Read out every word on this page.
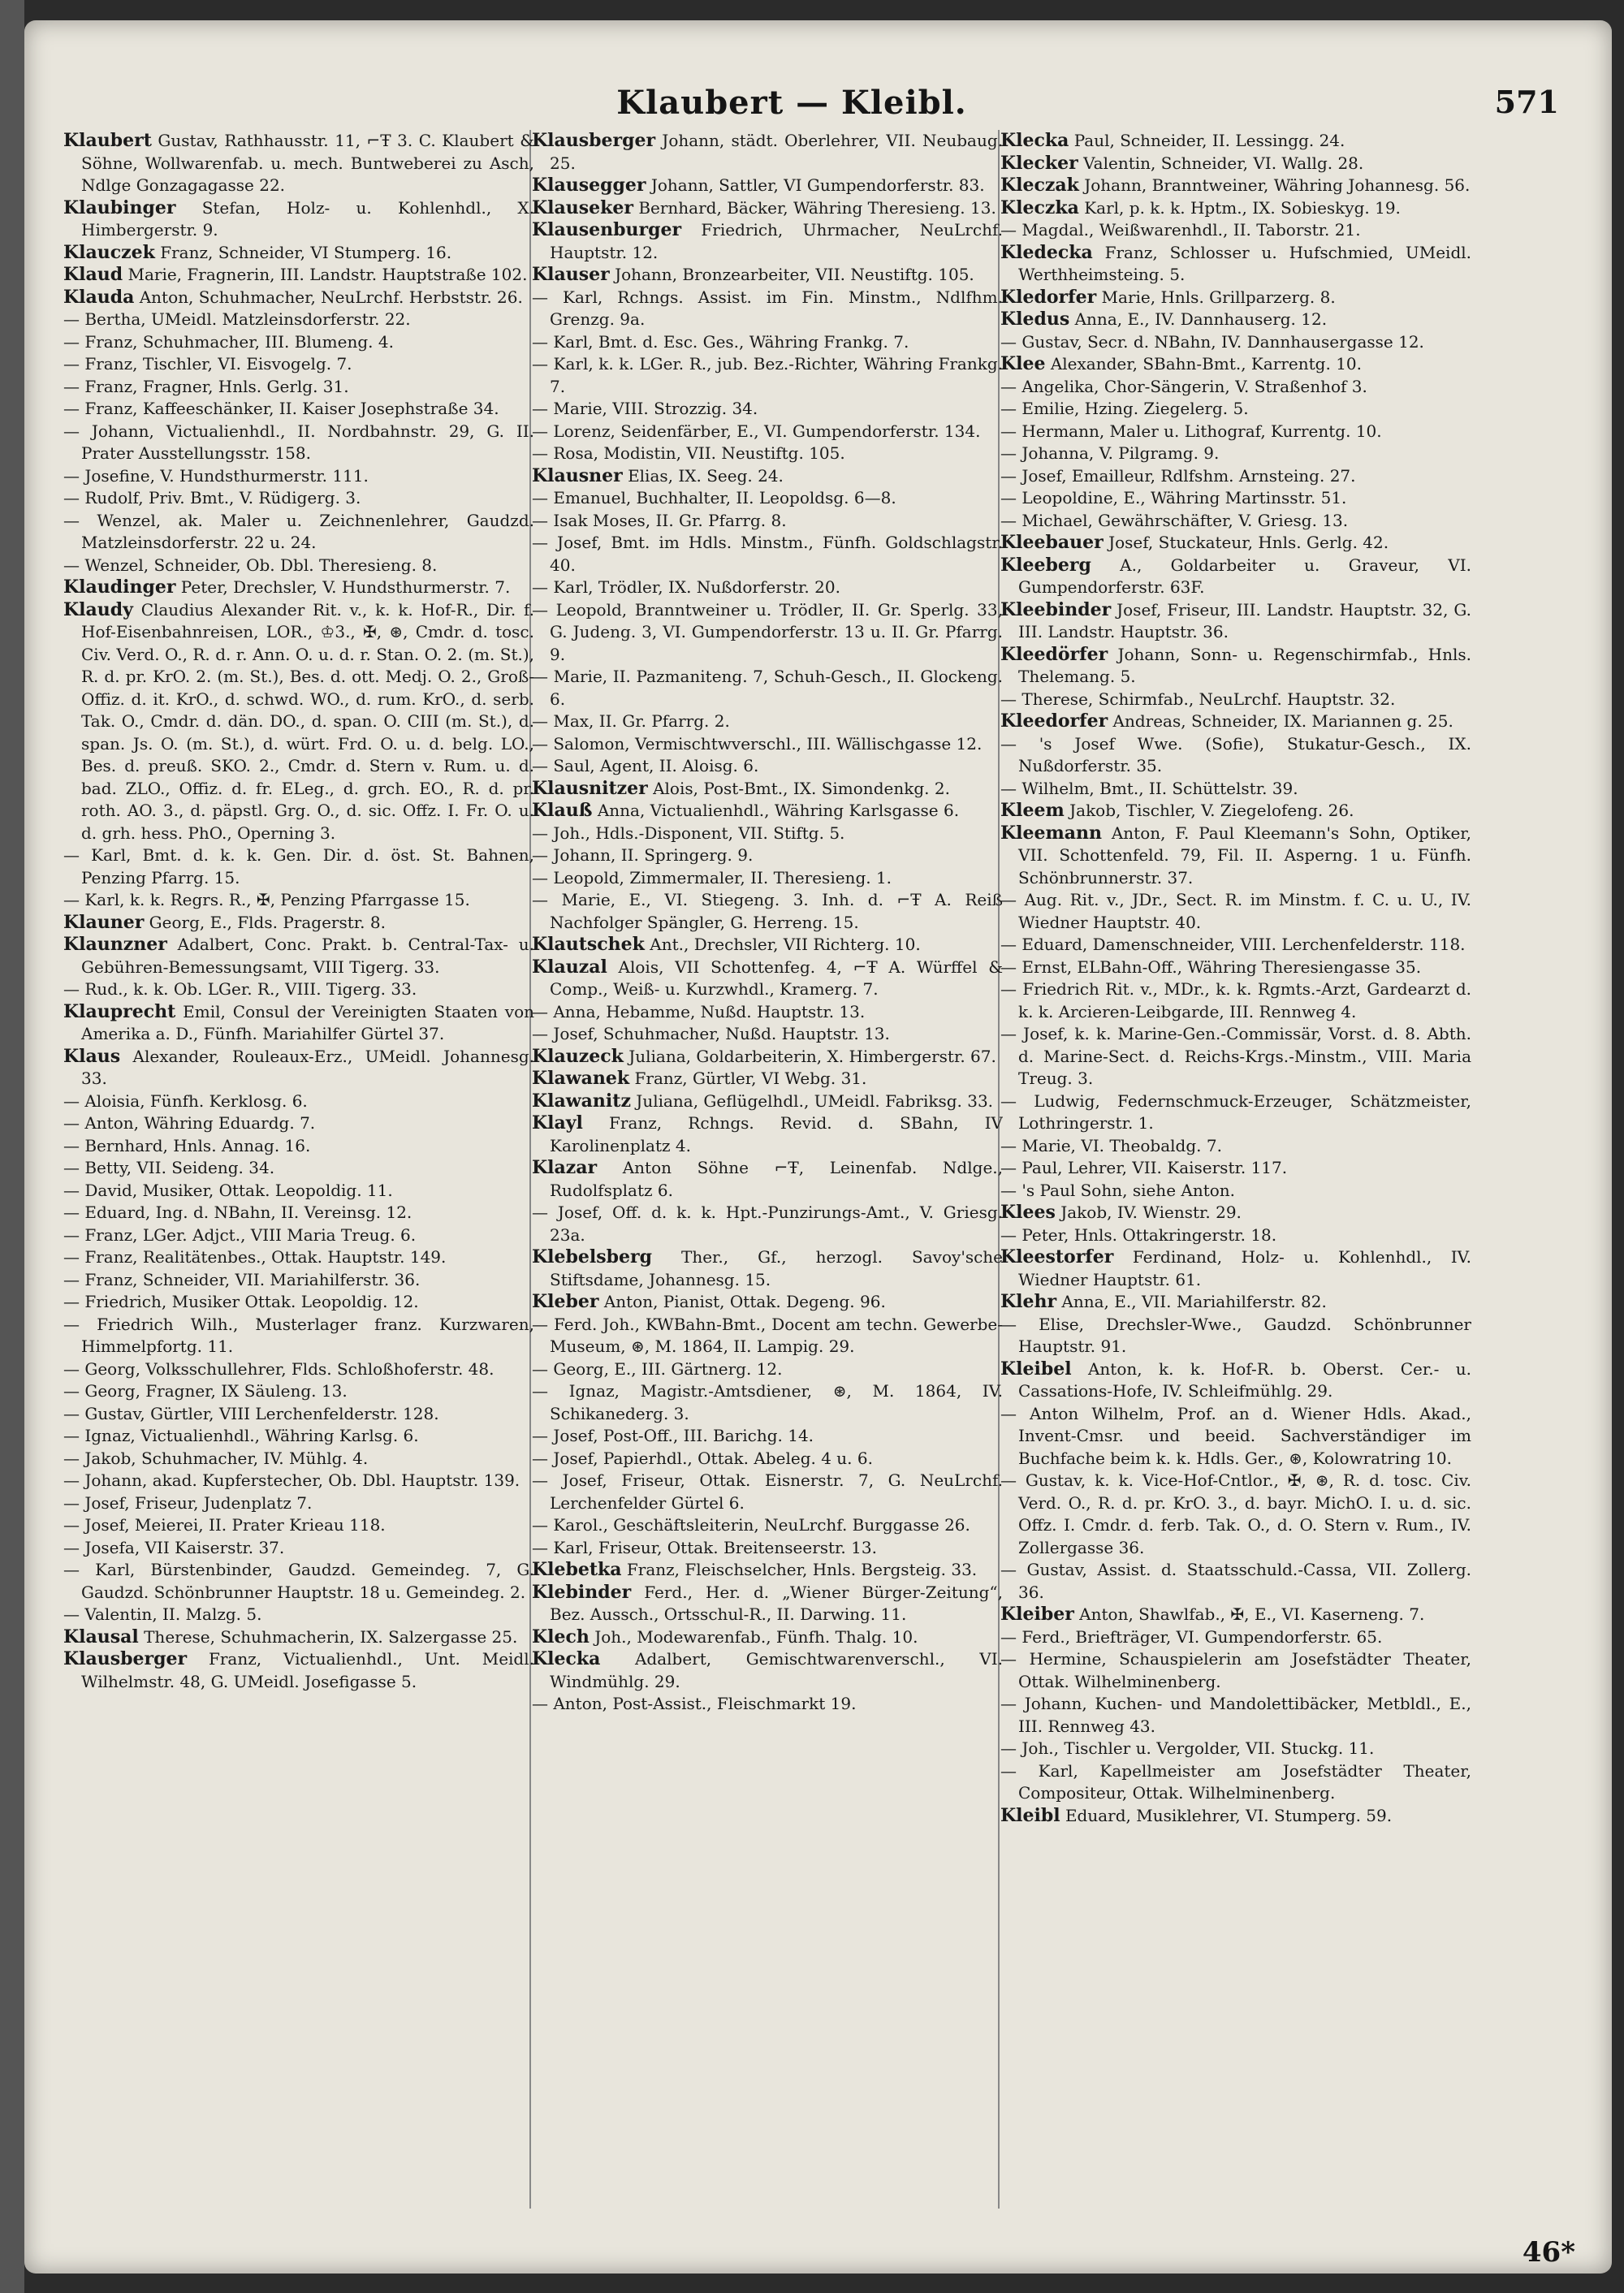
Klaubert — Kleibl.	571
Klaubert Gustav, Rathhausstr. 11, ⌐Ŧ 3. C. Klaubert & Söhne, Wollwarenfab. u. mech. Buntweberei zu Asch, Ndlge Gonzagagasse 22.
Klaubinger Stefan, Holz- u. Kohlenhdl., X. Himbergerstr. 9.
Klauczek Franz, Schneider, VI Stumperg. 16.
Klaud Marie, Fragnerin, III. Landstr. Hauptstraße 102.
Klauda Anton, Schuhmacher, NeuLrchf. Herbststr. 26.
— Bertha, UMeidl. Matzleinsdorferstr. 22.
— Franz, Schuhmacher, III. Blumeng. 4.
— Franz, Tischler, VI. Eisvogelg. 7.
— Franz, Fragner, Hnls. Gerlg. 31.
— Franz, Kaffeeschänker, II. Kaiser Josephstraße 34.
— Johann, Victualienhdl., II. Nordbahnstr. 29, G. II. Prater Ausstellungsstr. 158.
— Josefine, V. Hundsthurmerstr. 111.
— Rudolf, Priv. Bmt., V. Rüdigerg. 3.
— Wenzel, ak. Maler u. Zeichnenlehrer, Gaudzd. Matzleinsdorferstr. 22 u. 24.
— Wenzel, Schneider, Ob. Dbl. Theresieng. 8.
Klaudinger Peter, Drechsler, V. Hundsthurmerstr. 7.
Klaudy Claudius Alexander Rit. v., k. k. Hof-R., Dir. f. Hof-Eisenbahnreisen, LOR., ♔3., ✠, ⊛, Cmdr. d. tosc. Civ. Verd. O., R. d. r. Ann. O. u. d. r. Stan. O. 2. (m. St.), R. d. pr. KrO. 2. (m. St.), Bes. d. ott. Medj. O. 2., Groß-Offiz. d. it. KrO., d. schwd. WO., d. rum. KrO., d. serb. Tak. O., Cmdr. d. dän. DO., d. span. O. CIII (m. St.), d. span. Js. O. (m. St.), d. würt. Frd. O. u. d. belg. LO., Bes. d. preuß. SKO. 2., Cmdr. d. Stern v. Rum. u. d. bad. ZLO., Offiz. d. fr. ELeg., d. grch. EO., R. d. pr. roth. AO. 3., d. päpstl. Grg. O., d. sic. Offz. I. Fr. O. u. d. grh. hess. PhO., Operning 3.
— Karl, Bmt. d. k. k. Gen. Dir. d. öst. St. Bahnen, Penzing Pfarrg. 15.
— Karl, k. k. Regrs. R., ✠, Penzing Pfarrgasse 15.
Klauner Georg, E., Flds. Pragerstr. 8.
Klaunzner Adalbert, Conc. Prakt. b. Central-Tax- u. Gebühren-Bemessungsamt, VIII Tigerg. 33.
— Rud., k. k. Ob. LGer. R., VIII. Tigerg. 33.
Klauprecht Emil, Consul der Vereinigten Staaten von Amerika a. D., Fünfh. Mariahilfer Gürtel 37.
Klaus Alexander, Rouleaux-Erz., UMeidl. Johannesg. 33.
— Aloisia, Fünfh. Kerklosg. 6.
— Anton, Währing Eduardg. 7.
— Bernhard, Hnls. Annag. 16.
— Betty, VII. Seideng. 34.
— David, Musiker, Ottak. Leopoldig. 11.
— Eduard, Ing. d. NBahn, II. Vereinsg. 12.
— Franz, LGer. Adjct., VIII Maria Treug. 6.
— Franz, Realitätenbes., Ottak. Hauptstr. 149.
— Franz, Schneider, VII. Mariahilferstr. 36.
— Friedrich, Musiker Ottak. Leopoldig. 12.
— Friedrich Wilh., Musterlager franz. Kurzwaren, Himmelpfortg. 11.
— Georg, Volksschullehrer, Flds. Schloßhoferstr. 48.
— Georg, Fragner, IX Säuleng. 13.
— Gustav, Gürtler, VIII Lerchenfelderstr. 128.
— Ignaz, Victualienhdl., Währing Karlsg. 6.
— Jakob, Schuhmacher, IV. Mühlg. 4.
— Johann, akad. Kupferstecher, Ob. Dbl. Hauptstr. 139.
— Josef, Friseur, Judenplatz 7.
— Josef, Meierei, II. Prater Krieau 118.
— Josefa, VII Kaiserstr. 37.
— Karl, Bürstenbinder, Gaudzd. Gemeindeg. 7, G. Gaudzd. Schönbrunner Hauptstr. 18 u. Gemeindeg. 2.
— Valentin, II. Malzg. 5.
Klausal Therese, Schuhmacherin, IX. Salzergasse 25.
Klausberger Franz, Victualienhdl., Unt. Meidl. Wilhelmstr. 48, G. UMeidl. Josefigasse 5.
Klausberger Johann, städt. Oberlehrer, VII. Neubaug. 25.
Klausegger Johann, Sattler, VI Gumpendorferstr. 83.
Klauseker Bernhard, Bäcker, Währing Theresieng. 13.
Klausenburger Friedrich, Uhrmacher, NeuLrchf. Hauptstr. 12.
Klauser Johann, Bronzearbeiter, VII. Neustiftg. 105.
— Karl, Rchngs. Assist. im Fin. Minstm., Ndlfhm. Grenzg. 9a.
— Karl, Bmt. d. Esc. Ges., Währing Frankg. 7.
— Karl, k. k. LGer. R., jub. Bez.-Richter, Währing Frankg. 7.
— Marie, VIII. Strozzig. 34.
— Lorenz, Seidenfärber, E., VI. Gumpendorferstr. 134.
— Rosa, Modistin, VII. Neustiftg. 105.
Klausner Elias, IX. Seeg. 24.
— Emanuel, Buchhalter, II. Leopoldsg. 6—8.
— Isak Moses, II. Gr. Pfarrg. 8.
— Josef, Bmt. im Hdls. Minstm., Fünfh. Goldschlagstr. 40.
— Karl, Trödler, IX. Nußdorferstr. 20.
— Leopold, Branntweiner u. Trödler, II. Gr. Sperlg. 33, G. Judeng. 3, VI. Gumpendorferstr. 13 u. II. Gr. Pfarrg. 9.
— Marie, II. Pazmaniteng. 7, Schuh-Gesch., II. Glockeng. 6.
— Max, II. Gr. Pfarrg. 2.
— Salomon, Vermischtwverschl., III. Wällischgasse 12.
— Saul, Agent, II. Aloisg. 6.
Klausnitzer Alois, Post-Bmt., IX. Simondenkg. 2.
Klauß Anna, Victualienhdl., Währing Karlsgasse 6.
— Joh., Hdls.-Disponent, VII. Stiftg. 5.
— Johann, II. Springerg. 9.
— Leopold, Zimmermaler, II. Theresieng. 1.
— Marie, E., VI. Stiegeng. 3. Inh. d. ⌐Ŧ A. Reiß Nachfolger Spängler, G. Herreng. 15.
Klautschek Ant., Drechsler, VII Richterg. 10.
Klauzal Alois, VII Schottenfeg. 4, ⌐Ŧ A. Würffel & Comp., Weiß- u. Kurzwhdl., Kramerg. 7.
— Anna, Hebamme, Nußd. Hauptstr. 13.
— Josef, Schuhmacher, Nußd. Hauptstr. 13.
Klauzeck Juliana, Goldarbeiterin, X. Himbergerstr. 67.
Klawanek Franz, Gürtler, VI Webg. 31.
Klawanitz Juliana, Geflügelhdl., UMeidl. Fabriksg. 33.
Klayl Franz, Rchngs. Revid. d. SBahn, IV Karolinenplatz 4.
Klazar Anton Söhne ⌐Ŧ, Leinenfab. Ndlge., Rudolfsplatz 6.
— Josef, Off. d. k. k. Hpt.-Punzirungs-Amt., V. Griesg. 23a.
Klebelsberg Ther., Gf., herzogl. Savoy'sche Stiftsdame, Johannesg. 15.
Kleber Anton, Pianist, Ottak. Degeng. 96.
— Ferd. Joh., KWBahn-Bmt., Docent am techn. Gewerbe-Museum, ⊛, M. 1864, II. Lampig. 29.
— Georg, E., III. Gärtnerg. 12.
— Ignaz, Magistr.-Amtsdiener, ⊛, M. 1864, IV. Schikanederg. 3.
— Josef, Post-Off., III. Barichg. 14.
— Josef, Papierhdl., Ottak. Abeleg. 4 u. 6.
— Josef, Friseur, Ottak. Eisnerstr. 7, G. NeuLrchf. Lerchenfelder Gürtel 6.
— Karol., Geschäftsleiterin, NeuLrchf. Burggasse 26.
— Karl, Friseur, Ottak. Breitenseerstr. 13.
Klebetka Franz, Fleischselcher, Hnls. Bergsteig. 33.
Klebinder Ferd., Her. d. „Wiener Bürger-Zeitung“, Bez. Aussch., Ortsschul-R., II. Darwing. 11.
Klech Joh., Modewarenfab., Fünfh. Thalg. 10.
Klecka Adalbert, Gemischtwarenverschl., VI. Windmühlg. 29.
— Anton, Post-Assist., Fleischmarkt 19.
Klecka Paul, Schneider, II. Lessingg. 24.
Klecker Valentin, Schneider, VI. Wallg. 28.
Kleczak Johann, Branntweiner, Währing Johannesg. 56.
Kleczka Karl, p. k. k. Hptm., IX. Sobieskyg. 19.
— Magdal., Weißwarenhdl., II. Taborstr. 21.
Kledecka Franz, Schlosser u. Hufschmied, UMeidl. Werthheimsteing. 5.
Kledorfer Marie, Hnls. Grillparzerg. 8.
Kledus Anna, E., IV. Dannhauserg. 12.
— Gustav, Secr. d. NBahn, IV. Dannhausergasse 12.
Klee Alexander, SBahn-Bmt., Karrentg. 10.
— Angelika, Chor-Sängerin, V. Straßenhof 3.
— Emilie, Hzing. Ziegelerg. 5.
— Hermann, Maler u. Lithograf, Kurrentg. 10.
— Johanna, V. Pilgramg. 9.
— Josef, Emailleur, Rdlfshm. Arnsteing. 27.
— Leopoldine, E., Währing Martinsstr. 51.
— Michael, Gewährschäfter, V. Griesg. 13.
Kleebauer Josef, Stuckateur, Hnls. Gerlg. 42.
Kleeberg A., Goldarbeiter u. Graveur, VI. Gumpendorferstr. 63F.
Kleebinder Josef, Friseur, III. Landstr. Hauptstr. 32, G. III. Landstr. Hauptstr. 36.
Kleedörfer Johann, Sonn- u. Regenschirmfab., Hnls. Thelemang. 5.
— Therese, Schirmfab., NeuLrchf. Hauptstr. 32.
Kleedorfer Andreas, Schneider, IX. Mariannen g. 25.
— 's Josef Wwe. (Sofie), Stukatur-Gesch., IX. Nußdorferstr. 35.
— Wilhelm, Bmt., II. Schüttelstr. 39.
Kleem Jakob, Tischler, V. Ziegelofeng. 26.
Kleemann Anton, F. Paul Kleemann's Sohn, Optiker, VII. Schottenfeld. 79, Fil. II. Asperng. 1 u. Fünfh. Schönbrunnerstr. 37.
— Aug. Rit. v., JDr., Sect. R. im Minstm. f. C. u. U., IV. Wiedner Hauptstr. 40.
— Eduard, Damenschneider, VIII. Lerchenfelderstr. 118.
— Ernst, ELBahn-Off., Währing Theresiengasse 35.
— Friedrich Rit. v., MDr., k. k. Rgmts.-Arzt, Gardearzt d. k. k. Arcieren-Leibgarde, III. Rennweg 4.
— Josef, k. k. Marine-Gen.-Commissär, Vorst. d. 8. Abth. d. Marine-Sect. d. Reichs-Krgs.-Minstm., VIII. Maria Treug. 3.
— Ludwig, Federnschmuck-Erzeuger, Schätzmeister, Lothringerstr. 1.
— Marie, VI. Theobaldg. 7.
— Paul, Lehrer, VII. Kaiserstr. 117.
— 's Paul Sohn, siehe Anton.
Klees Jakob, IV. Wienstr. 29.
— Peter, Hnls. Ottakringerstr. 18.
Kleestorfer Ferdinand, Holz- u. Kohlenhdl., IV. Wiedner Hauptstr. 61.
Klehr Anna, E., VII. Mariahilferstr. 82.
— Elise, Drechsler-Wwe., Gaudzd. Schönbrunner Hauptstr. 91.
Kleibel Anton, k. k. Hof-R. b. Oberst. Cer.- u. Cassations-Hofe, IV. Schleifmühlg. 29.
— Anton Wilhelm, Prof. an d. Wiener Hdls. Akad., Invent-Cmsr. und beeid. Sachverständiger im Buchfache beim k. k. Hdls. Ger., ⊛, Kolowratring 10.
— Gustav, k. k. Vice-Hof-Cntlor., ✠, ⊛, R. d. tosc. Civ. Verd. O., R. d. pr. KrO. 3., d. bayr. MichO. I. u. d. sic. Offz. I. Cmdr. d. ferb. Tak. O., d. O. Stern v. Rum., IV. Zollergasse 36.
— Gustav, Assist. d. Staatsschuld.-Cassa, VII. Zollerg. 36.
Kleiber Anton, Shawlfab., ✠, E., VI. Kaserneng. 7.
— Ferd., Briefträger, VI. Gumpendorferstr. 65.
— Hermine, Schauspielerin am Josefstädter Theater, Ottak. Wilhelminenberg.
— Johann, Kuchen- und Mandolettibäcker, Metbldl., E., III. Rennweg 43.
— Joh., Tischler u. Vergolder, VII. Stuckg. 11.
— Karl, Kapellmeister am Josefstädter Theater, Compositeur, Ottak. Wilhelminenberg.
Kleibl Eduard, Musiklehrer, VI. Stumperg. 59.
46*
